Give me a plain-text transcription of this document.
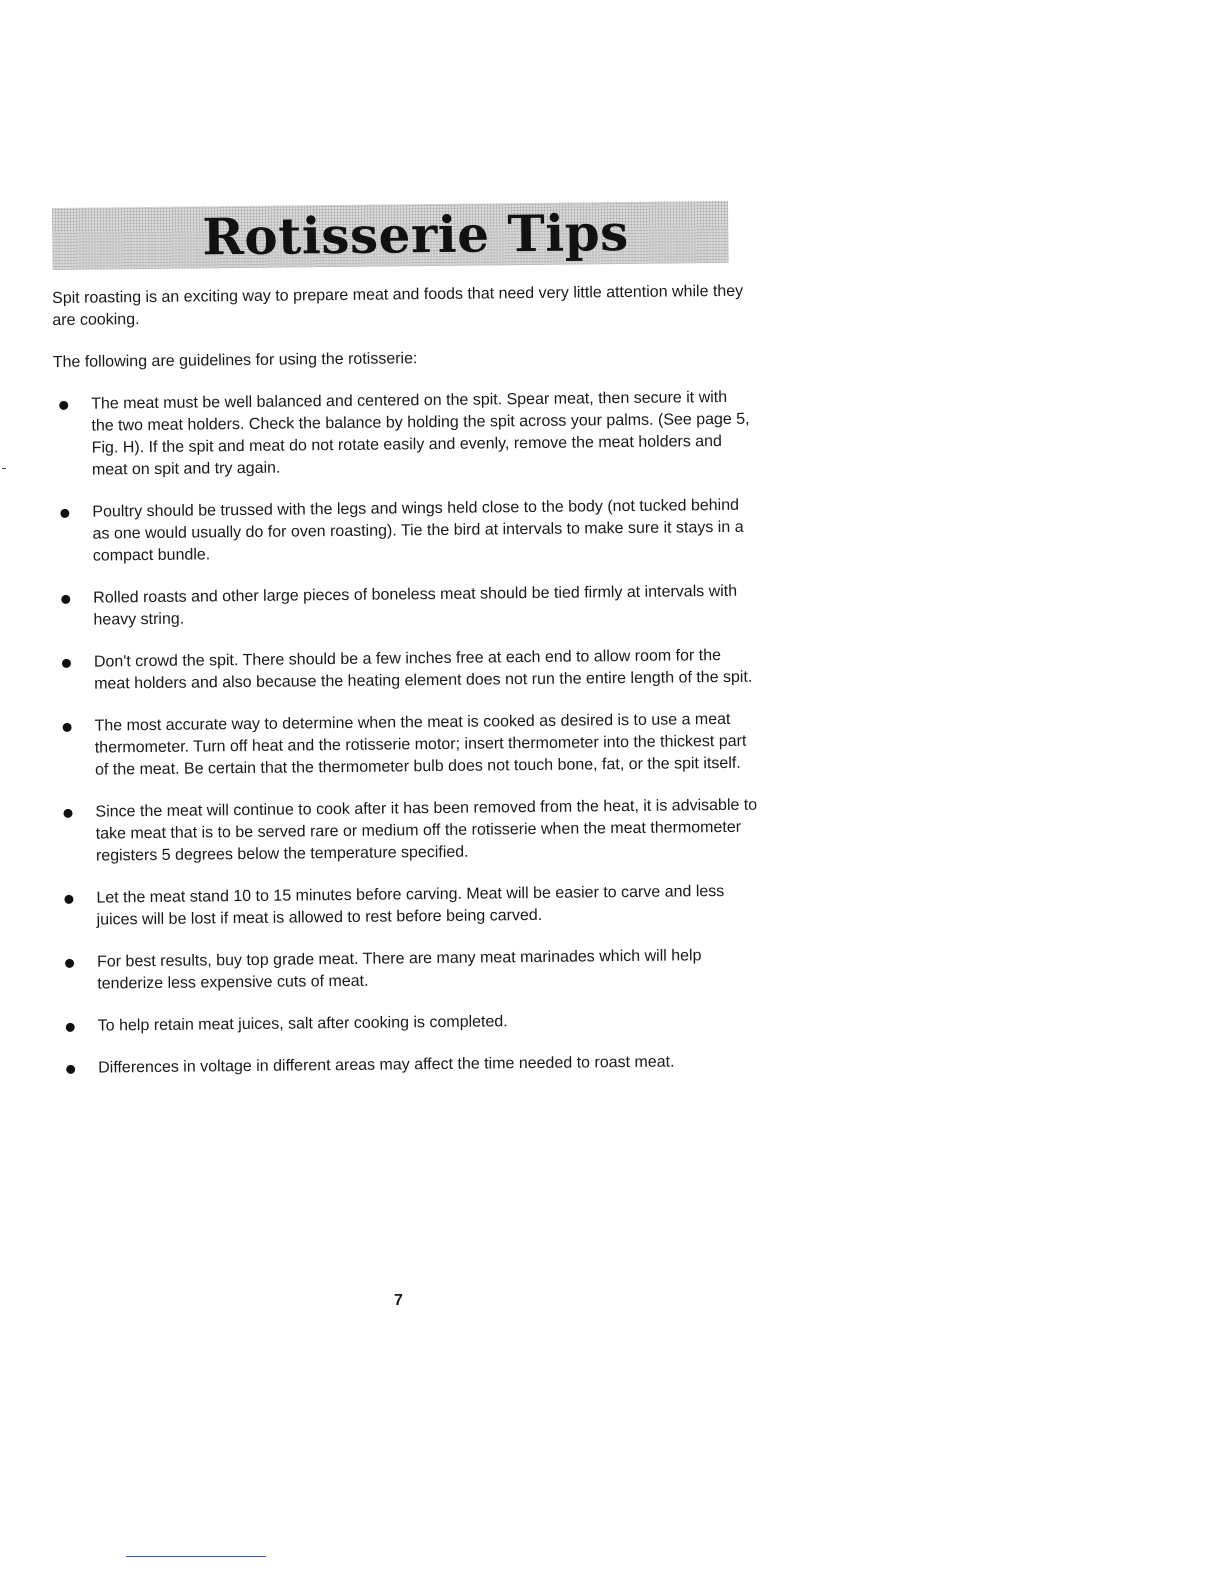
Rotisserie Tips

Spit roasting is an exciting way to prepare meat and foods that need very little attention while they are cooking.

The following are guidelines for using the rotisserie:

The meat must be well balanced and centered on the spit. Spear meat, then secure it with the two meat holders. Check the balance by holding the spit across your palms. (See page 5, Fig. H). If the spit and meat do not rotate easily and evenly, remove the meat holders and meat on spit and try again.
Poultry should be trussed with the legs and wings held close to the body (not tucked behind as one would usually do for oven roasting). Tie the bird at intervals to make sure it stays in a compact bundle.
Rolled roasts and other large pieces of boneless meat should be tied firmly at intervals with heavy string.
Don't crowd the spit. There should be a few inches free at each end to allow room for the meat holders and also because the heating element does not run the entire length of the spit.
The most accurate way to determine when the meat is cooked as desired is to use a meat thermometer. Turn off heat and the rotisserie motor; insert thermometer into the thickest part of the meat. Be certain that the thermometer bulb does not touch bone, fat, or the spit itself.
Since the meat will continue to cook after it has been removed from the heat, it is advisable to take meat that is to be served rare or medium off the rotisserie when the meat thermometer registers 5 degrees below the temperature specified.
Let the meat stand 10 to 15 minutes before carving. Meat will be easier to carve and less juices will be lost if meat is allowed to rest before being carved.
For best results, buy top grade meat. There are many meat marinades which will help tenderize less expensive cuts of meat.
To help retain meat juices, salt after cooking is completed.
Differences in voltage in different areas may affect the time needed to roast meat.
7
